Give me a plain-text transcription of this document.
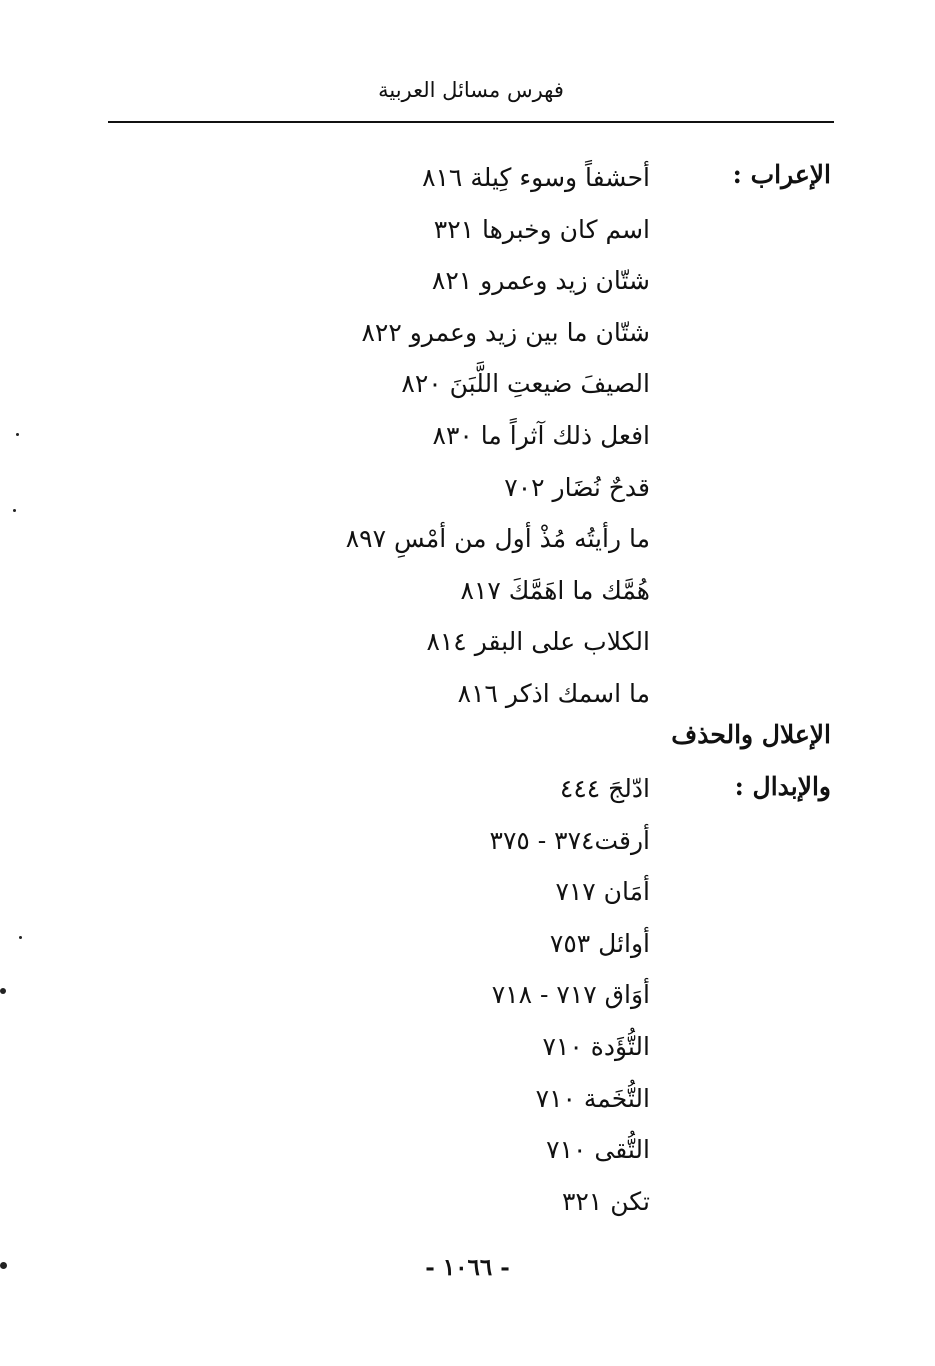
فهرس مسائل العربية
الإعراب :
أحشفاً وسوء كِيلة ٨١٦
اسم كان وخبرها ٣٢١
شتّان زيد وعمرو ٨٢١
شتّان ما بين زيد وعمرو ٨٢٢
الصيفَ ضيعتِ اللَّبَنَ ٨٢٠
افعل ذلك آثراً ما ٨٣٠
قدحٌ نُضَار ٧٠٢
ما رأيتُه مُذْ أول من أمْسِ ٨٩٧
هُمَّك ما اهَمَّكَ ٨١٧
الكلاب على البقر ٨١٤
ما اسمك اذكر ٨١٦
الإعلال والحذف
والإبدال :
ادّلجَ ٤٤٤
أرقت٣٧٤ - ٣٧٥
أمَان ٧١٧
أوائل ٧٥٣
أوَاق ٧١٧ - ٧١٨
التُّؤَدة ٧١٠
التُّخَمة ٧١٠
التُّقى ٧١٠
تكن ٣٢١
- ١٠٦٦ -
